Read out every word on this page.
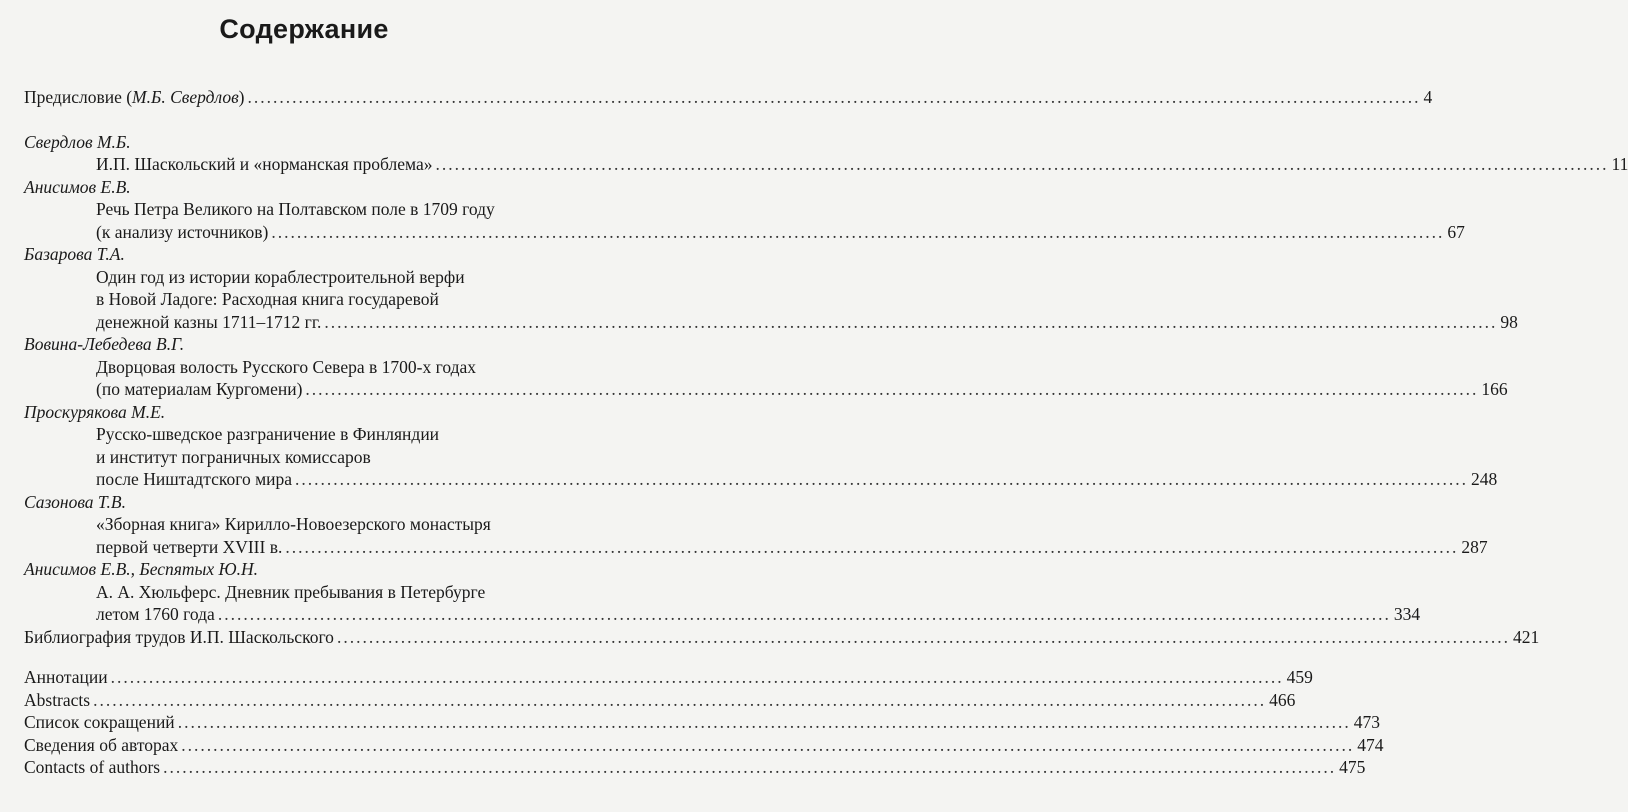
Содержание
Предисловие (М.Б. Свердлов) .....	4
Свердлов М.Б.
И.П. Шаскольский и «норманская проблема» .....	11
Анисимов Е.В.
Речь Петра Великого на Полтавском поле в 1709 году
(к анализу источников) .....	67
Базарова Т.А.
Один год из истории кораблестроительной верфи
в Новой Ладоге: Расходная книга государевой
денежной казны 1711–1712 гг. .....	98
Вовина-Лебедева В.Г.
Дворцовая волость Русского Севера в 1700-х годах
(по материалам Кургомени) .....	166
Проскурякова М.Е.
Русско-шведское разграничение в Финляндии
и институт пограничных комиссаров
после Ништадтского мира .....	248
Сазонова Т.В.
«Зборная книга» Кирилло-Новоезерского монастыря
первой четверти XVIII в. .....	287
Анисимов Е.В., Беспятых Ю.Н.
А. А. Хюльферс. Дневник пребывания в Петербурге
летом 1760 года .....	334
Библиография трудов И.П. Шаскольского .....	421
Аннотации .....	459
Abstracts .....	466
Список сокращений .....	473
Сведения об авторах .....	474
Contacts of authors .....	475
